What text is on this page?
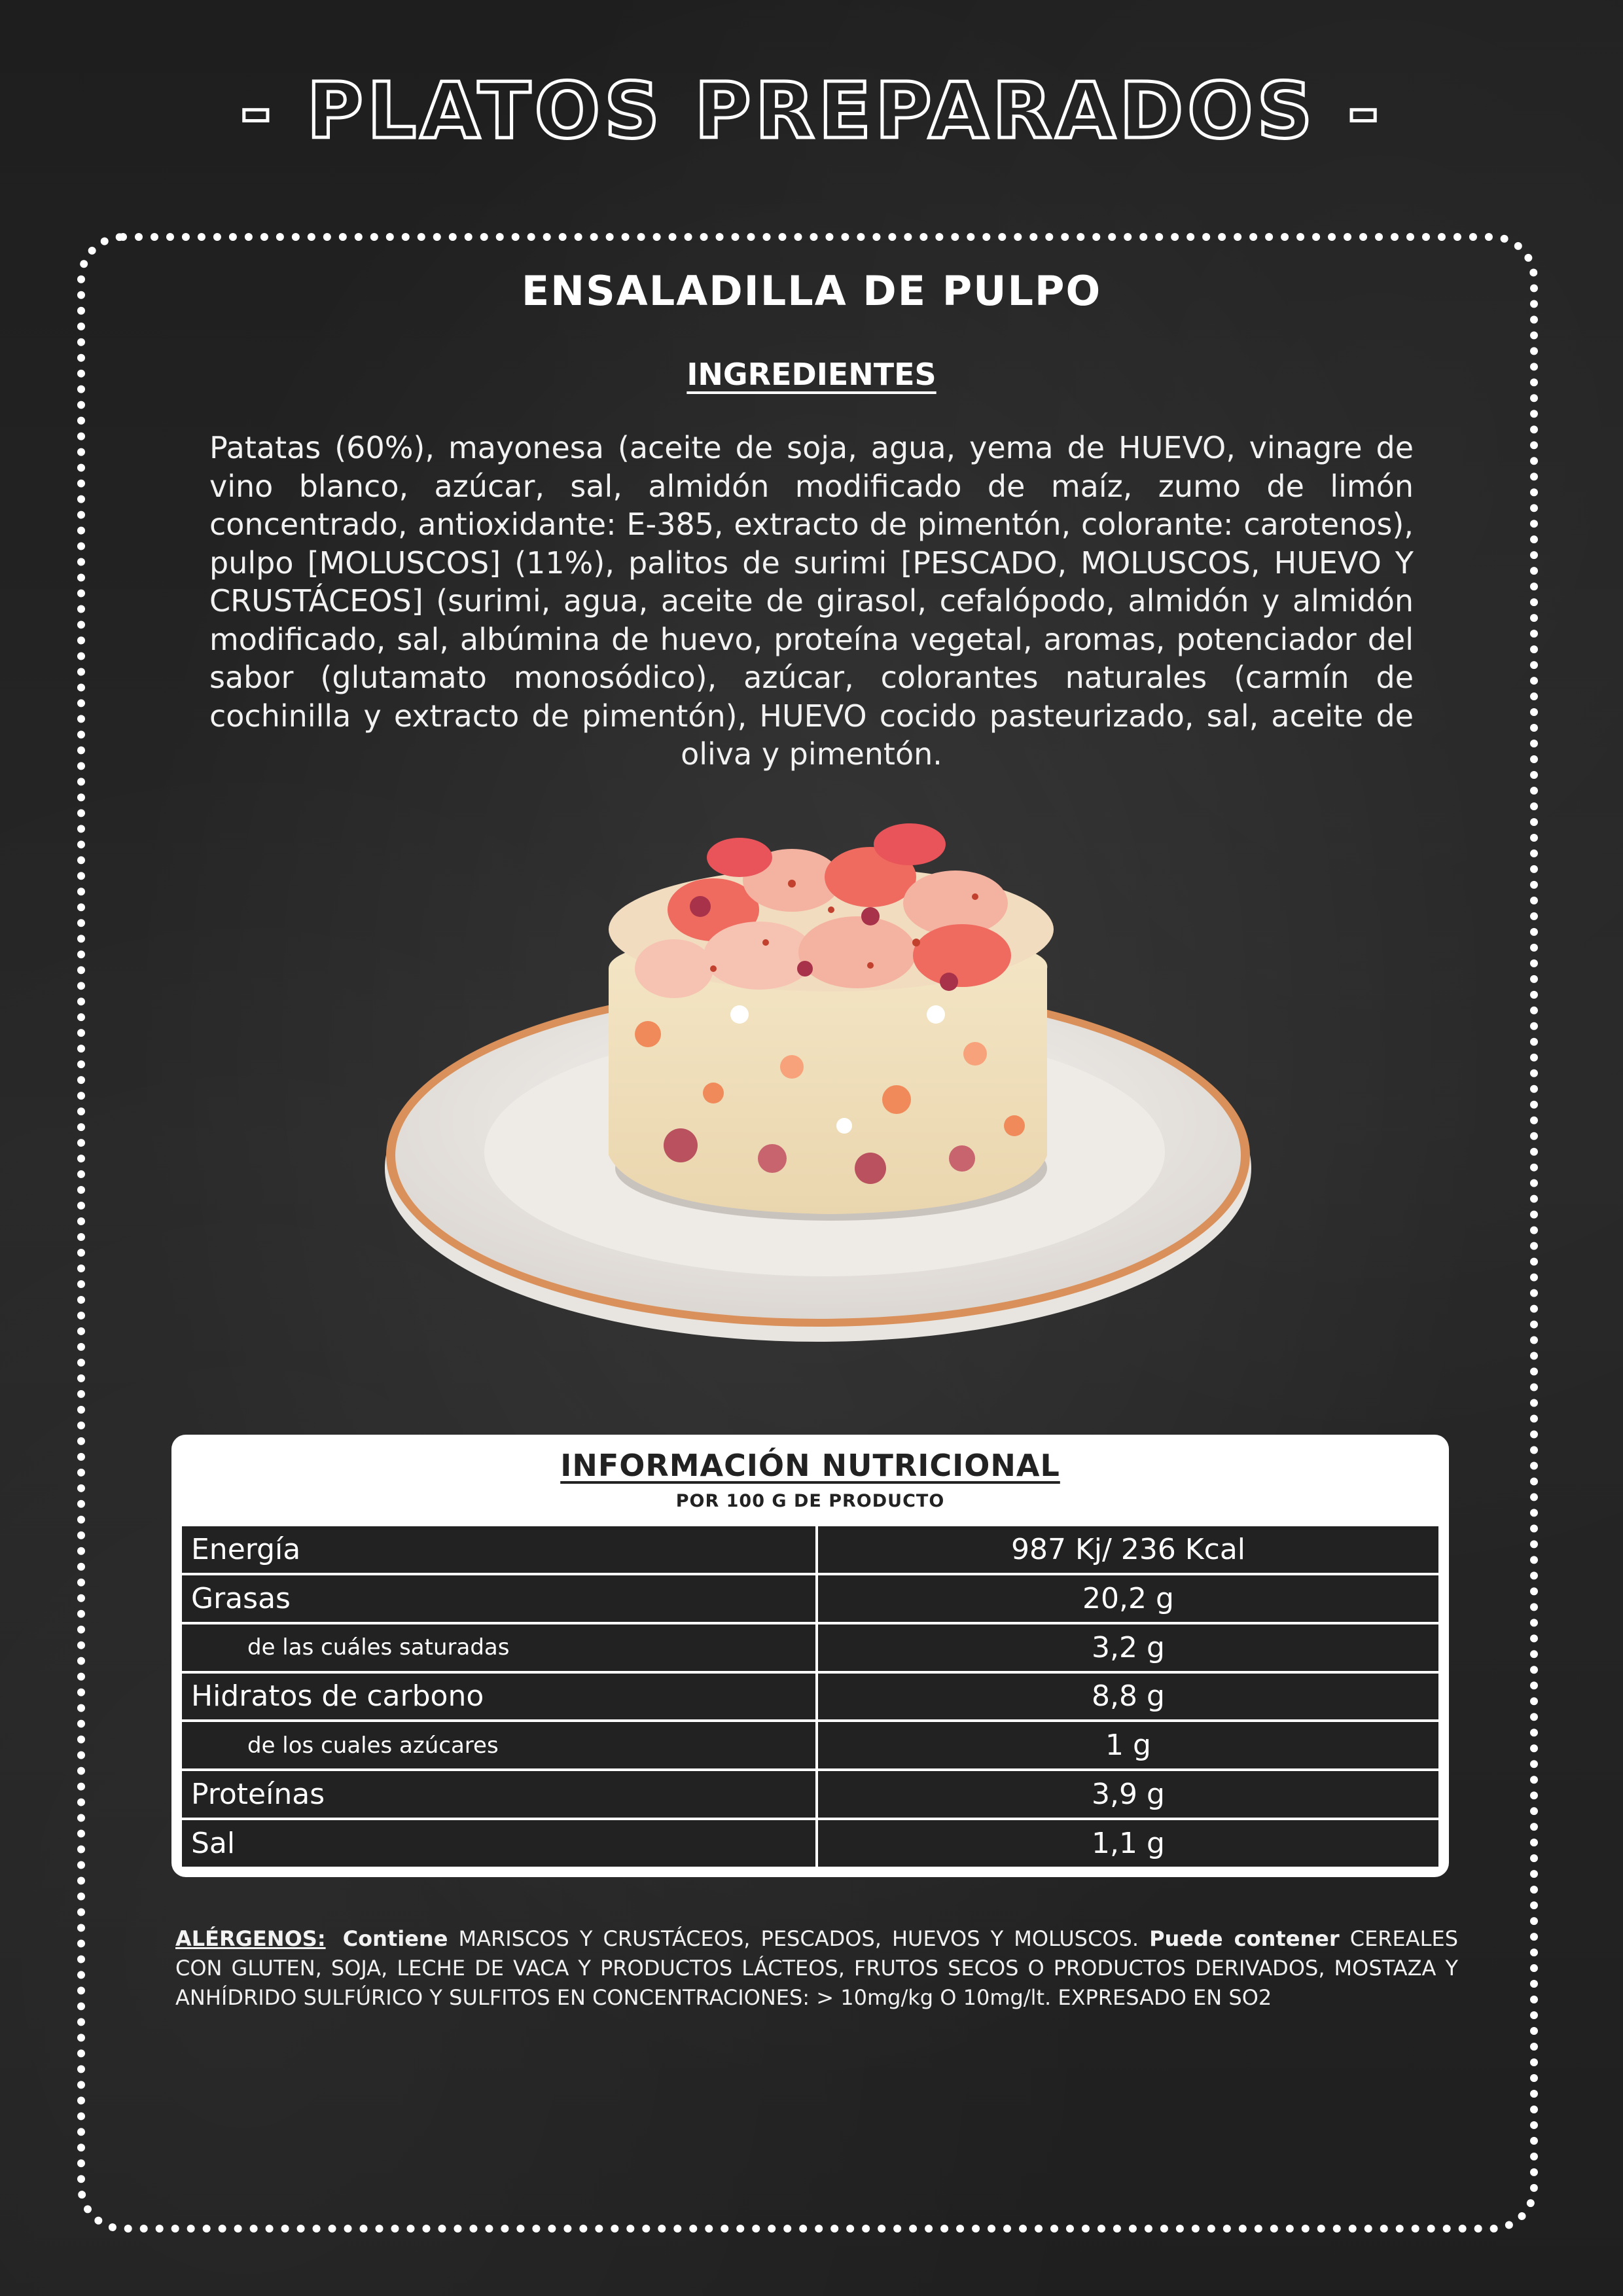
- PLATOS PREPARADOS -
ENSALADILLA DE PULPO
INGREDIENTES
Patatas (60%), mayonesa (aceite de soja, agua, yema de HUEVO, vinagre de vino blanco, azúcar, sal, almidón modificado de maíz, zumo de limón concentrado, antioxidante: E-385, extracto de pimentón, colorante: carotenos), pulpo [MOLUSCOS] (11%), palitos de surimi [PESCADO, MOLUSCOS, HUEVO Y CRUSTÁCEOS] (surimi, agua, aceite de girasol, cefalópodo, almidón y almidón modificado, sal, albúmina de huevo, proteína vegetal, aromas, potenciador del sabor (glutamato monosódico), azúcar, colorantes naturales (carmín de cochinilla y extracto de pimentón), HUEVO cocido pasteurizado, sal, aceite de oliva y pimentón.
INFORMACIÓN NUTRICIONAL
POR 100 G DE PRODUCTO
Energía	987 Kj/ 236 Kcal
Grasas	20,2 g
de las cuáles saturadas	3,2 g
Hidratos de carbono	8,8 g
de los cuales azúcares	1 g
Proteínas	3,9 g
Sal	1,1 g
ALÉRGENOS: Contiene MARISCOS Y CRUSTÁCEOS, PESCADOS, HUEVOS Y MOLUSCOS. Puede contener CEREALES CON GLUTEN, SOJA, LECHE DE VACA Y PRODUCTOS LÁCTEOS, FRUTOS SECOS O PRODUCTOS DERIVADOS, MOSTAZA Y ANHÍDRIDO SULFÚRICO Y SULFITOS EN CONCENTRACIONES: > 10mg/kg O 10mg/lt. EXPRESADO EN SO2
